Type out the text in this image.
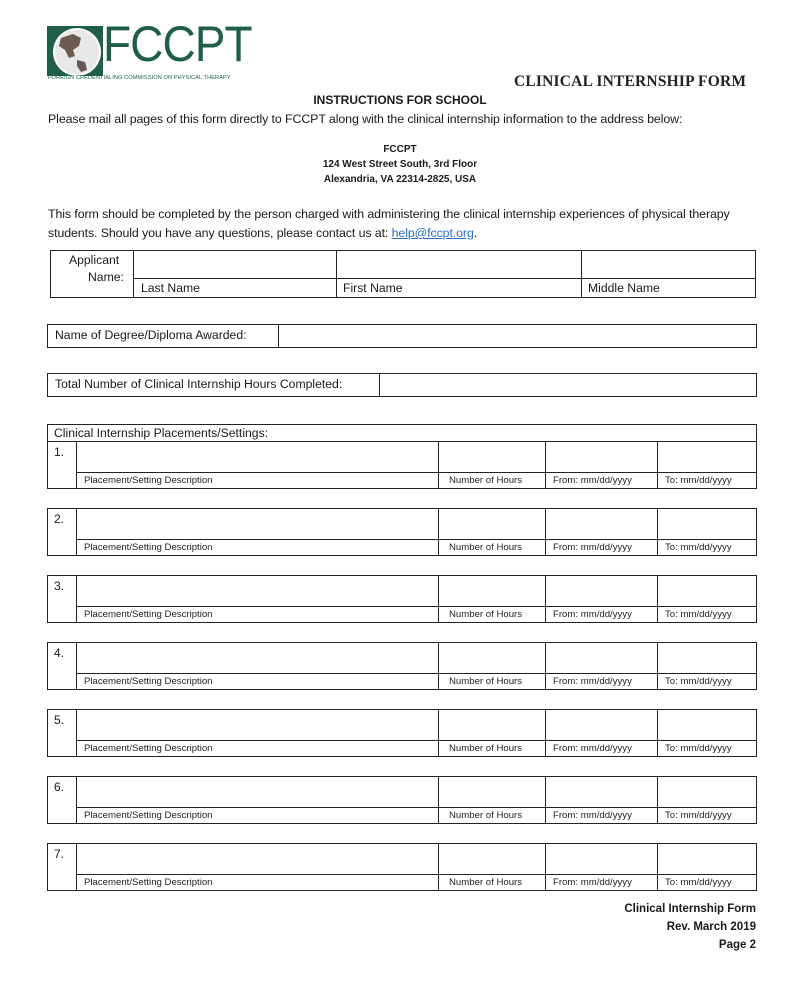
FCCPT
FOREIGN CREDENTIALING COMMISSION ON PHYSICAL THERAPY	CLINICAL INTERNSHIP FORM
INSTRUCTIONS FOR SCHOOL
Please mail all pages of this form directly to FCCPT along with the clinical internship information to the address below:
FCCPT
124 West Street South, 3rd Floor
Alexandria, VA 22314-2825, USA
This form should be completed by the person charged with administering the clinical internship experiences of physical therapy students. Should you have any questions, please contact us at: help@fccpt.org.
Applicant
Name:
Last Name	First Name	Middle Name
Name of Degree/Diploma Awarded:
Total Number of Clinical Internship Hours Completed:
Clinical Internship Placements/Settings:
1.
Placement/Setting Description	Number of Hours	From: mm/dd/yyyy	To: mm/dd/yyyy
2.
Placement/Setting Description	Number of Hours	From: mm/dd/yyyy	To: mm/dd/yyyy
3.
Placement/Setting Description	Number of Hours	From: mm/dd/yyyy	To: mm/dd/yyyy
4.
Placement/Setting Description	Number of Hours	From: mm/dd/yyyy	To: mm/dd/yyyy
5.
Placement/Setting Description	Number of Hours	From: mm/dd/yyyy	To: mm/dd/yyyy
6.
Placement/Setting Description	Number of Hours	From: mm/dd/yyyy	To: mm/dd/yyyy
7.
Placement/Setting Description	Number of Hours	From: mm/dd/yyyy	To: mm/dd/yyyy
Clinical Internship Form
Rev. March 2019
Page 2
